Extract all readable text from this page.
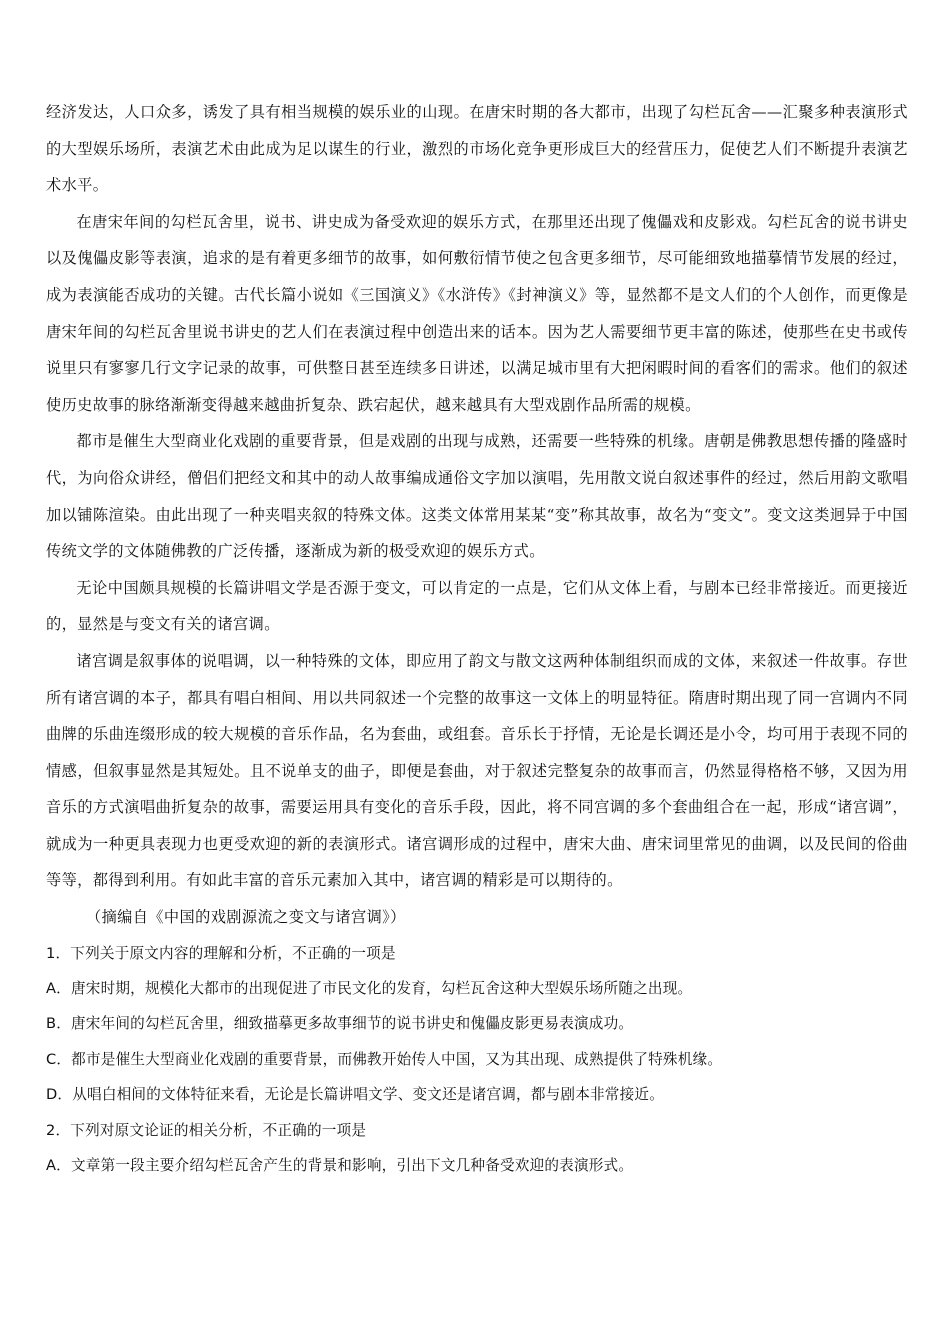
经济发达，人口众多，诱发了具有相当规模的娱乐业的山现。在唐宋时期的各大都市，出现了勾栏瓦舍——汇聚多种表演形式的大型娱乐场所，表演艺术由此成为足以谋生的行业，激烈的市场化竞争更形成巨大的经营压力，促使艺人们不断提升表演艺术水平。

在唐宋年间的勾栏瓦舍里，说书、讲史成为备受欢迎的娱乐方式，在那里还出现了傀儡戏和皮影戏。勾栏瓦舍的说书讲史以及傀儡皮影等表演，追求的是有着更多细节的故事，如何敷衍情节使之包含更多细节，尽可能细致地描摹情节发展的经过，成为表演能否成功的关键。古代长篇小说如《三国演义》《水浒传》《封神演义》等，显然都不是文人们的个人创作，而更像是唐宋年间的勾栏瓦舍里说书讲史的艺人们在表演过程中创造出来的话本。因为艺人需要细节更丰富的陈述，使那些在史书或传说里只有寥寥几行文字记录的故事，可供整日甚至连续多日讲述，以满足城市里有大把闲暇时间的看客们的需求。他们的叙述使历史故事的脉络渐渐变得越来越曲折复杂、跌宕起伏，越来越具有大型戏剧作品所需的规模。

都市是催生大型商业化戏剧的重要背景，但是戏剧的出现与成熟，还需要一些特殊的机缘。唐朝是佛教思想传播的隆盛时代，为向俗众讲经，僧侣们把经文和其中的动人故事编成通俗文字加以演唱，先用散文说白叙述事件的经过，然后用韵文歌唱加以铺陈渲染。由此出现了一种夹唱夹叙的特殊文体。这类文体常用某某“变”称其故事，故名为“变文”。变文这类迥异于中国传统文学的文体随佛教的广泛传播，逐渐成为新的极受欢迎的娱乐方式。

无论中国颇具规模的长篇讲唱文学是否源于变文，可以肯定的一点是，它们从文体上看，与剧本已经非常接近。而更接近的，显然是与变文有关的诸宫调。

诸宫调是叙事体的说唱调，以一种特殊的文体，即应用了韵文与散文这两种体制组织而成的文体，来叙述一件故事。存世所有诸宫调的本子，都具有唱白相间、用以共同叙述一个完整的故事这一文体上的明显特征。隋唐时期出现了同一宫调内不同曲牌的乐曲连缀形成的较大规模的音乐作品，名为套曲，或组套。音乐长于抒情，无论是长调还是小令，均可用于表现不同的情感，但叙事显然是其短处。且不说单支的曲子，即便是套曲，对于叙述完整复杂的故事而言，仍然显得格格不够，又因为用音乐的方式演唱曲折复杂的故事，需要运用具有变化的音乐手段，因此，将不同宫调的多个套曲组合在一起，形成“诸宫调”，就成为一种更具表现力也更受欢迎的新的表演形式。诸宫调形成的过程中，唐宋大曲、唐宋词里常见的曲调，以及民间的俗曲等等，都得到利用。有如此丰富的音乐元素加入其中，诸宫调的精彩是可以期待的。

（摘编自《中国的戏剧源流之变文与诸宫调》）

1．下列关于原文内容的理解和分析，不正确的一项是

A．唐宋时期，规模化大都市的出现促进了市民文化的发育，勾栏瓦舍这种大型娱乐场所随之出现。

B．唐宋年间的勾栏瓦舍里，细致描摹更多故事细节的说书讲史和傀儡皮影更易表演成功。

C．都市是催生大型商业化戏剧的重要背景，而佛教开始传人中国，又为其出现、成熟提供了特殊机缘。

D．从唱白相间的文体特征来看，无论是长篇讲唱文学、变文还是诸宫调，都与剧本非常接近。

2．下列对原文论证的相关分析，不正确的一项是

A．文章第一段主要介绍勾栏瓦舍产生的背景和影响，引出下文几种备受欢迎的表演形式。
